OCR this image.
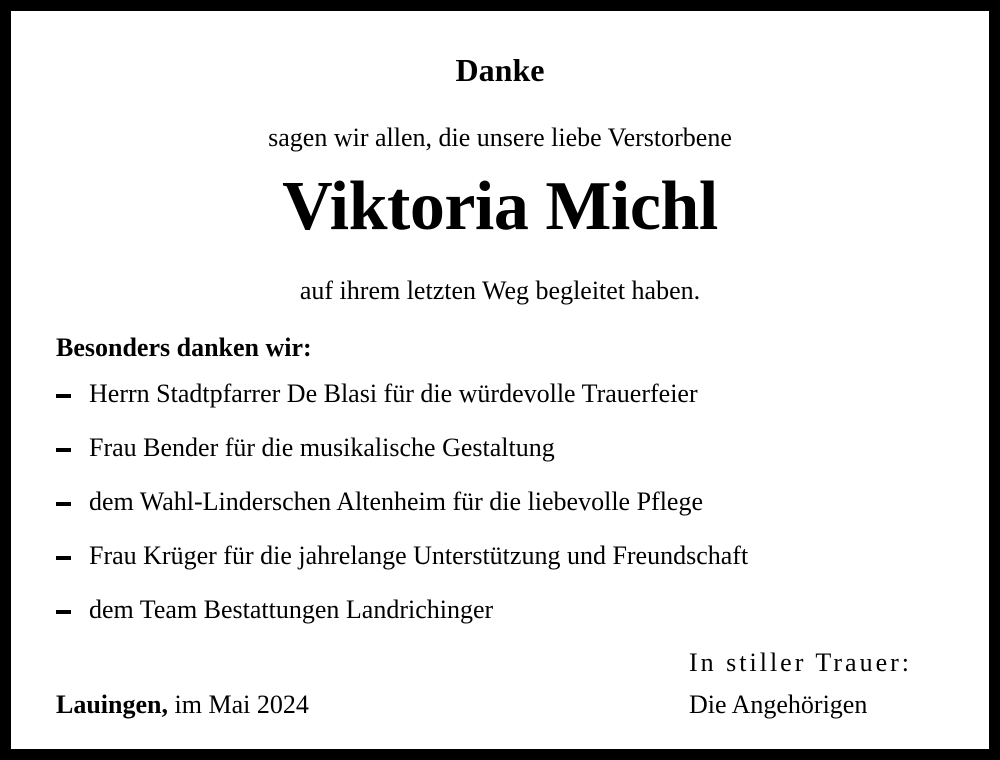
Danke
sagen wir allen, die unsere liebe Verstorbene
Viktoria Michl
auf ihrem letzten Weg begleitet haben.
Besonders danken wir:
Herrn Stadtpfarrer De Blasi für die würdevolle Trauerfeier
Frau Bender für die musikalische Gestaltung
dem Wahl-Linderschen Altenheim für die liebevolle Pflege
Frau Krüger für die jahrelange Unterstützung und Freundschaft
dem Team Bestattungen Landrichinger
In stiller Trauer:
Die Angehörigen
Lauingen, im Mai 2024
